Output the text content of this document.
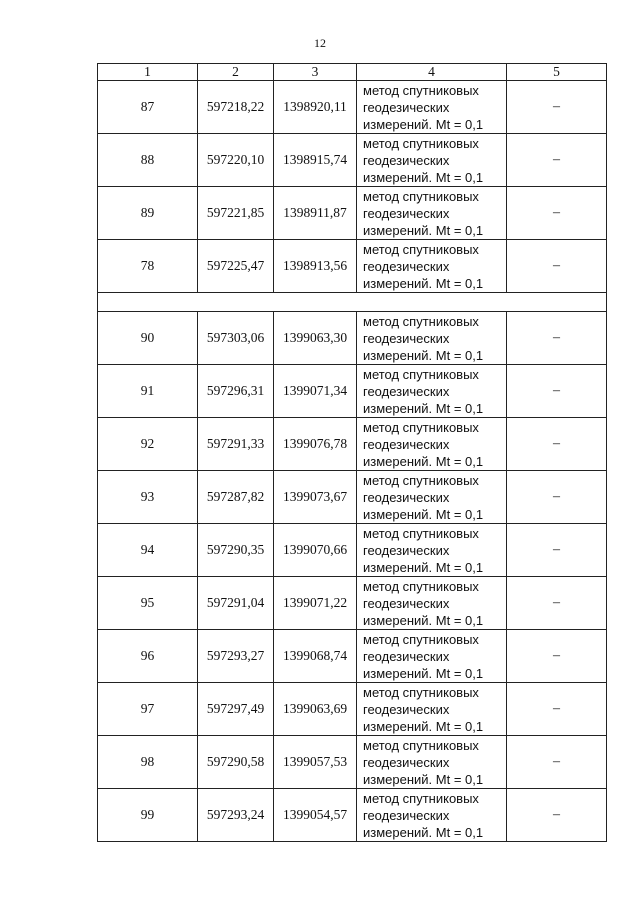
12
1	2	3	4	5
87	597218,22	1398920,11	метод спутниковых
геодезических
измерений. Mt = 0,1	–
88	597220,10	1398915,74	метод спутниковых
геодезических
измерений. Mt = 0,1	–
89	597221,85	1398911,87	метод спутниковых
геодезических
измерений. Mt = 0,1	–
78	597225,47	1398913,56	метод спутниковых
геодезических
измерений. Mt = 0,1	–

90	597303,06	1399063,30	метод спутниковых
геодезических
измерений. Mt = 0,1	–
91	597296,31	1399071,34	метод спутниковых
геодезических
измерений. Mt = 0,1	–
92	597291,33	1399076,78	метод спутниковых
геодезических
измерений. Mt = 0,1	–
93	597287,82	1399073,67	метод спутниковых
геодезических
измерений. Mt = 0,1	–
94	597290,35	1399070,66	метод спутниковых
геодезических
измерений. Mt = 0,1	–
95	597291,04	1399071,22	метод спутниковых
геодезических
измерений. Mt = 0,1	–
96	597293,27	1399068,74	метод спутниковых
геодезических
измерений. Mt = 0,1	–
97	597297,49	1399063,69	метод спутниковых
геодезических
измерений. Mt = 0,1	–
98	597290,58	1399057,53	метод спутниковых
геодезических
измерений. Mt = 0,1	–
99	597293,24	1399054,57	метод спутниковых
геодезических
измерений. Mt = 0,1	–
